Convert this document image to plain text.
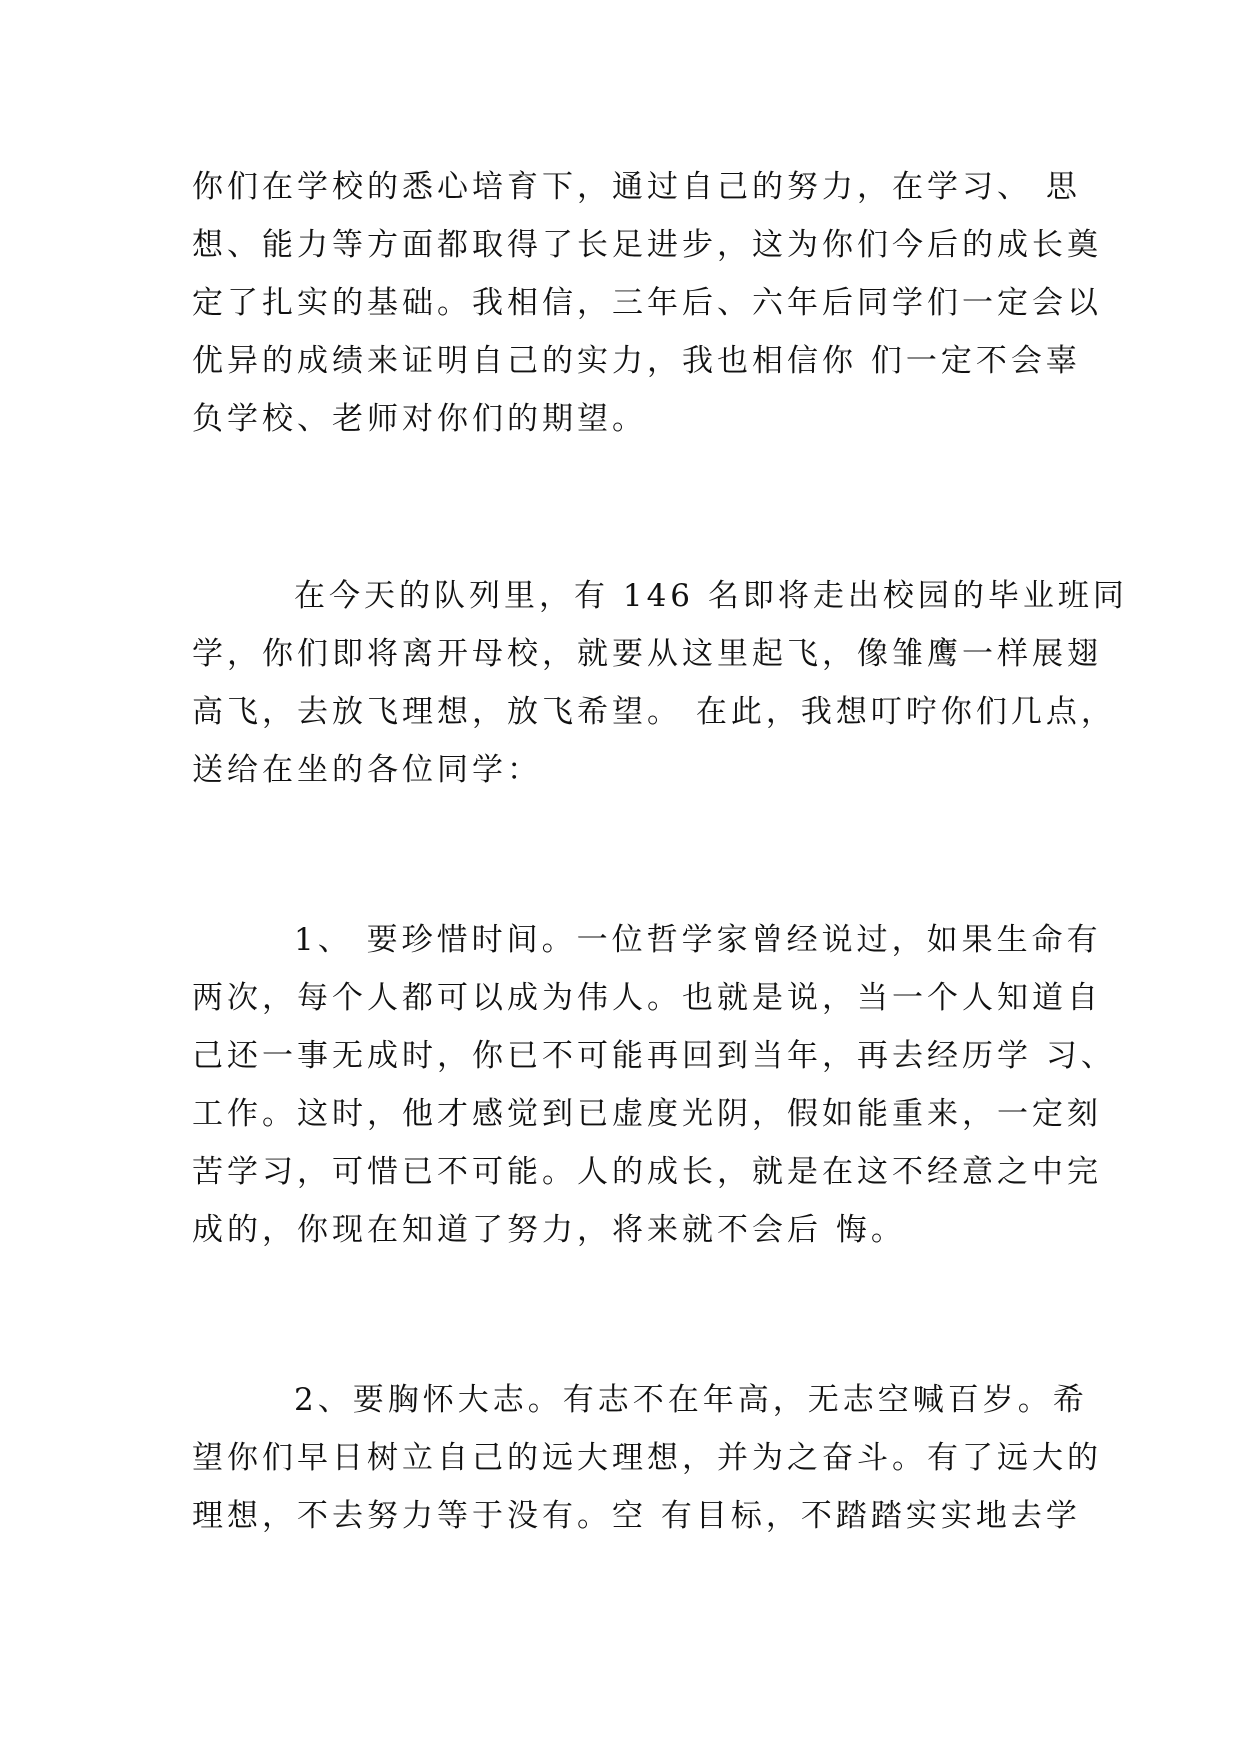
你们在学校的悉心培育下，通过自己的努力，在学习、 思
想、能力等方面都取得了长足进步，这为你们今后的成长奠
定了扎实的基础。我相信，三年后、六年后同学们一定会以
优异的成绩来证明自己的实力，我也相信你 们一定不会辜
负学校、老师对你们的期望。
在今天的队列里，有 146 名即将走出校园的毕业班同
学，你们即将离开母校，就要从这里起飞，像雏鹰一样展翅
高飞，去放飞理想，放飞希望。 在此，我想叮咛你们几点，
送给在坐的各位同学：
1、 要珍惜时间。一位哲学家曾经说过，如果生命有
两次，每个人都可以成为伟人。也就是说，当一个人知道自
己还一事无成时，你已不可能再回到当年，再去经历学 习、
工作。这时，他才感觉到已虚度光阴，假如能重来，一定刻
苦学习，可惜已不可能。人的成长，就是在这不经意之中完
成的，你现在知道了努力，将来就不会后 悔。
2、要胸怀大志。有志不在年高，无志空喊百岁。希
望你们早日树立自己的远大理想，并为之奋斗。有了远大的
理想，不去努力等于没有。空 有目标，不踏踏实实地去学
